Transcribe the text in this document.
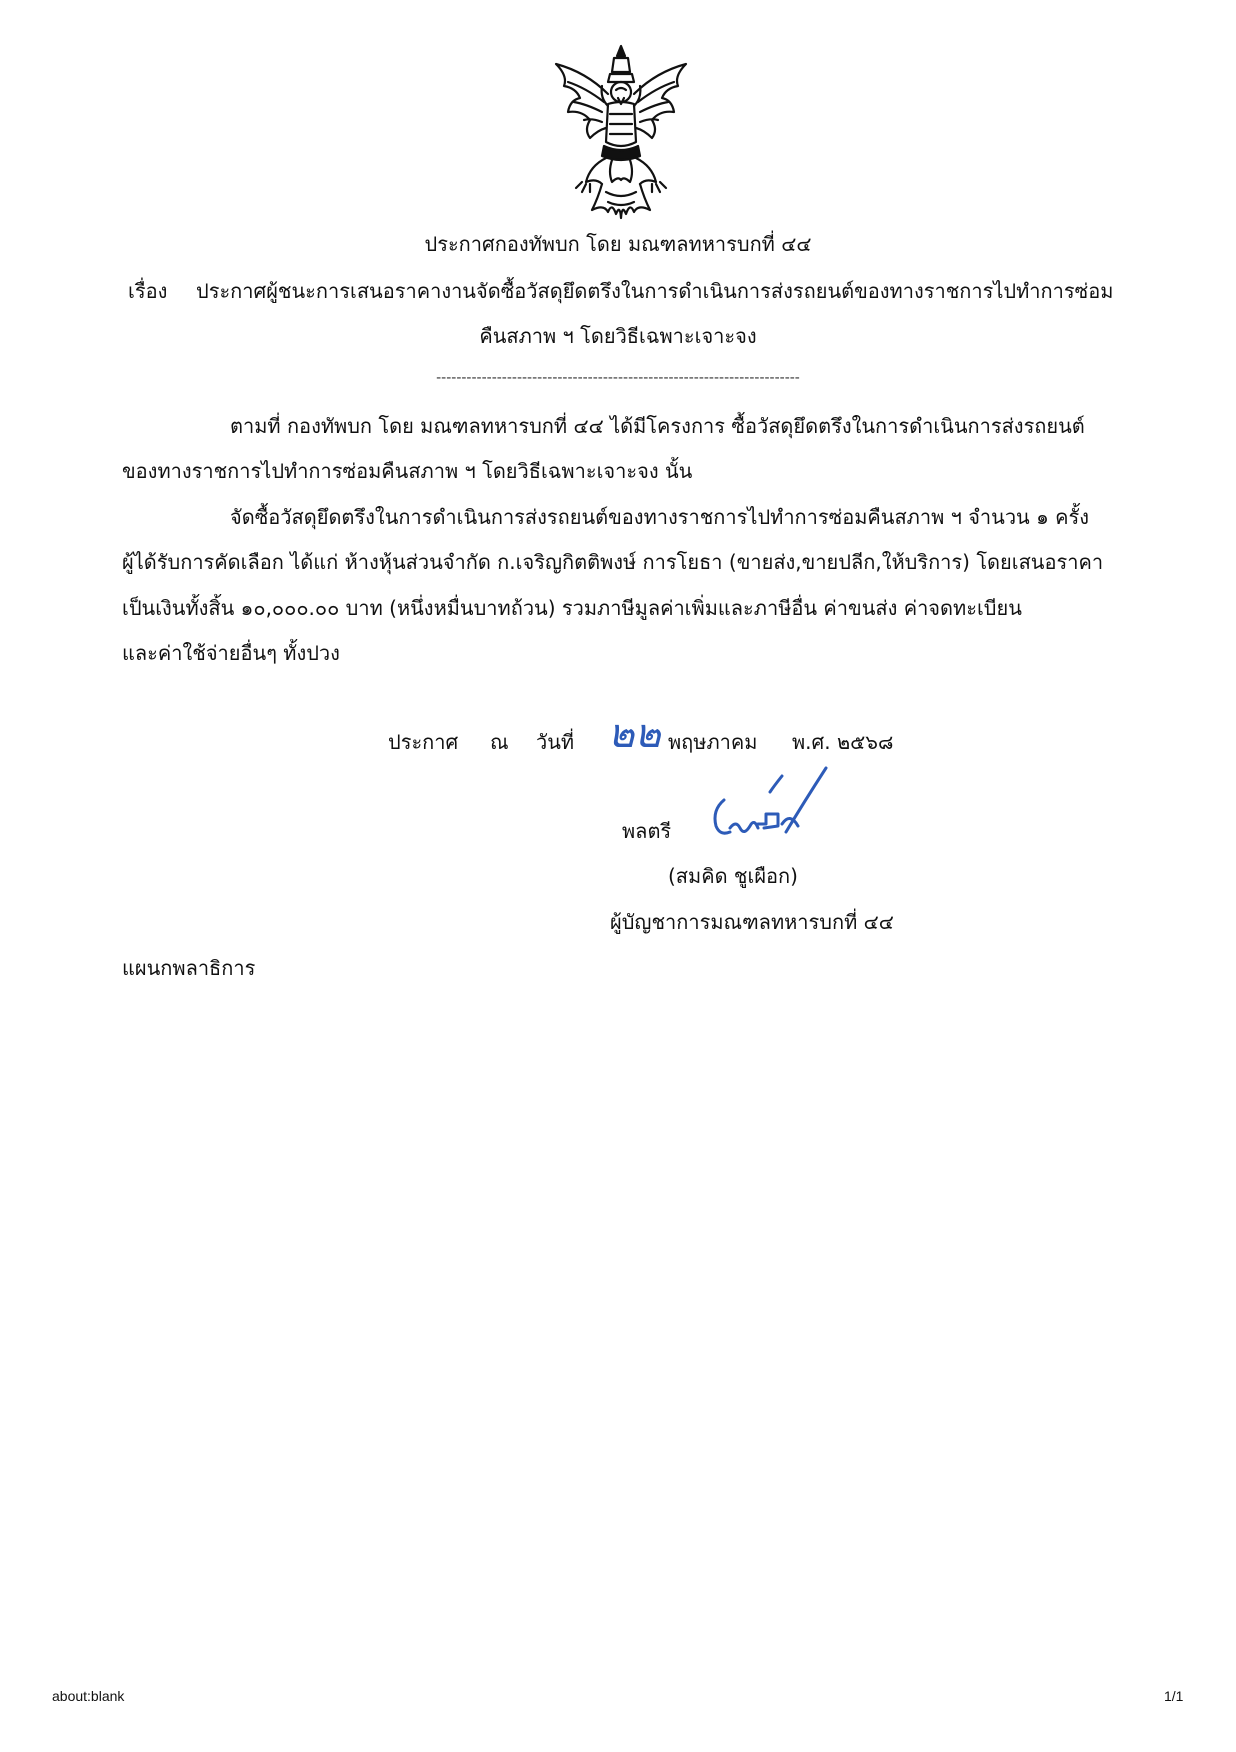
ประกาศกองทัพบก โดย มณฑลทหารบกที่ ๔๔
เรื่อง ประกาศผู้ชนะการเสนอราคางานจัดซื้อวัสดุยึดตรึงในการดำเนินการส่งรถยนต์ของทางราชการไปทำการซ่อม
คืนสภาพ ฯ โดยวิธีเฉพาะเจาะจง
------------------------------------------------------------------------
ตามที่ กองทัพบก โดย มณฑลทหารบกที่ ๔๔ ได้มีโครงการ ซื้อวัสดุยึดตรึงในการดำเนินการส่งรถยนต์
ของทางราชการไปทำการซ่อมคืนสภาพ ฯ โดยวิธีเฉพาะเจาะจง นั้น
จัดซื้อวัสดุยึดตรึงในการดำเนินการส่งรถยนต์ของทางราชการไปทำการซ่อมคืนสภาพ ฯ จำนวน ๑ ครั้ง
ผู้ได้รับการคัดเลือก ได้แก่ ห้างหุ้นส่วนจำกัด ก.เจริญกิตติพงษ์ การโยธา (ขายส่ง,ขายปลีก,ให้บริการ) โดยเสนอราคา
เป็นเงินทั้งสิ้น ๑๐,๐๐๐.๐๐ บาท (หนึ่งหมื่นบาทถ้วน) รวมภาษีมูลค่าเพิ่มและภาษีอื่น ค่าขนส่ง ค่าจดทะเบียน
และค่าใช้จ่ายอื่นๆ ทั้งปวง
ประกาศ ณ วันที่ ๒๒ พฤษภาคม พ.ศ. ๒๕๖๘
พลตรี
(สมคิด ชูเผือก)
ผู้บัญชาการมณฑลทหารบกที่ ๔๔
แผนกพลาธิการ
about:blank	1/1
